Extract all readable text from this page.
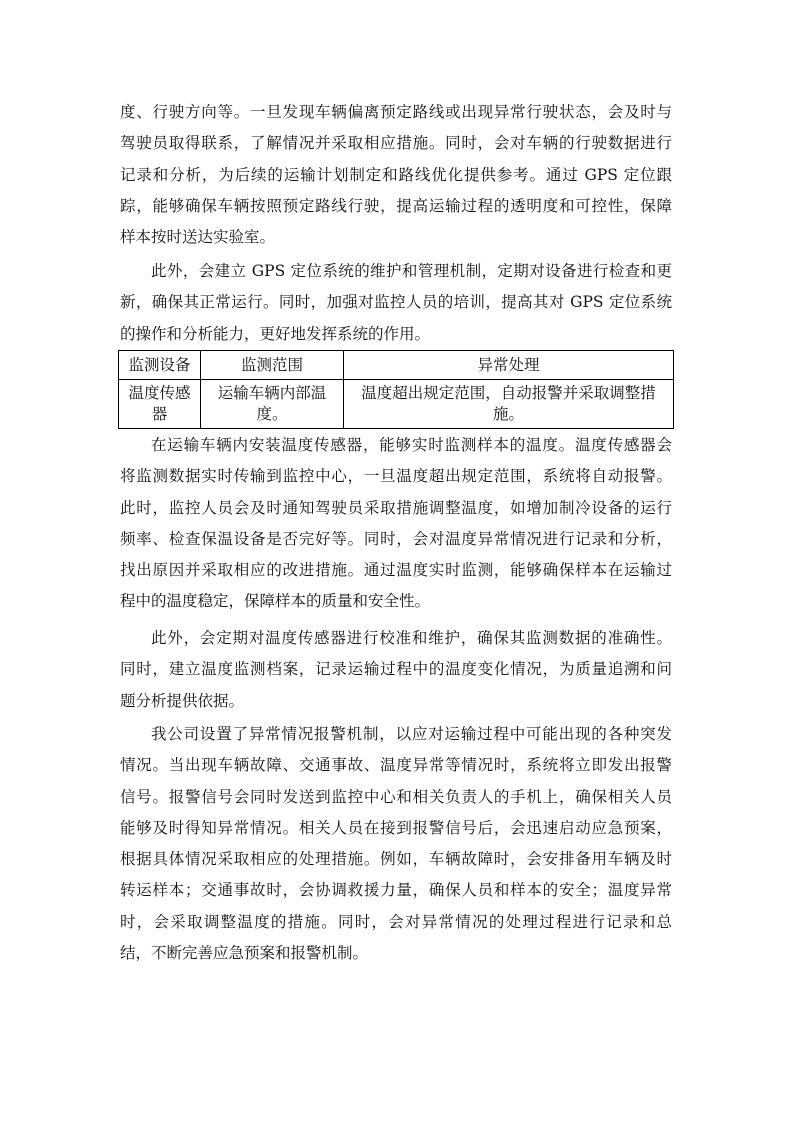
度、行驶方向等。一旦发现车辆偏离预定路线或出现异常行驶状态，会及时与
驾驶员取得联系，了解情况并采取相应措施。同时，会对车辆的行驶数据进行
记录和分析，为后续的运输计划制定和路线优化提供参考。通过 GPS 定位跟
踪，能够确保车辆按照预定路线行驶，提高运输过程的透明度和可控性，保障
样本按时送达实验室。
此外，会建立 GPS 定位系统的维护和管理机制，定期对设备进行检查和更
新，确保其正常运行。同时，加强对监控人员的培训，提高其对 GPS 定位系统
的操作和分析能力，更好地发挥系统的作用。
监测设备	监测范围	异常处理
温度传感器	运输车辆内部温度。	温度超出规定范围，自动报警并采取调整措施。
在运输车辆内安装温度传感器，能够实时监测样本的温度。温度传感器会
将监测数据实时传输到监控中心，一旦温度超出规定范围，系统将自动报警。
此时，监控人员会及时通知驾驶员采取措施调整温度，如增加制冷设备的运行
频率、检查保温设备是否完好等。同时，会对温度异常情况进行记录和分析，
找出原因并采取相应的改进措施。通过温度实时监测，能够确保样本在运输过
程中的温度稳定，保障样本的质量和安全性。
此外，会定期对温度传感器进行校准和维护，确保其监测数据的准确性。
同时，建立温度监测档案，记录运输过程中的温度变化情况，为质量追溯和问
题分析提供依据。
我公司设置了异常情况报警机制，以应对运输过程中可能出现的各种突发
情况。当出现车辆故障、交通事故、温度异常等情况时，系统将立即发出报警
信号。报警信号会同时发送到监控中心和相关负责人的手机上，确保相关人员
能够及时得知异常情况。相关人员在接到报警信号后，会迅速启动应急预案，
根据具体情况采取相应的处理措施。例如，车辆故障时，会安排备用车辆及时
转运样本；交通事故时，会协调救援力量，确保人员和样本的安全；温度异常
时，会采取调整温度的措施。同时，会对异常情况的处理过程进行记录和总
结，不断完善应急预案和报警机制。
